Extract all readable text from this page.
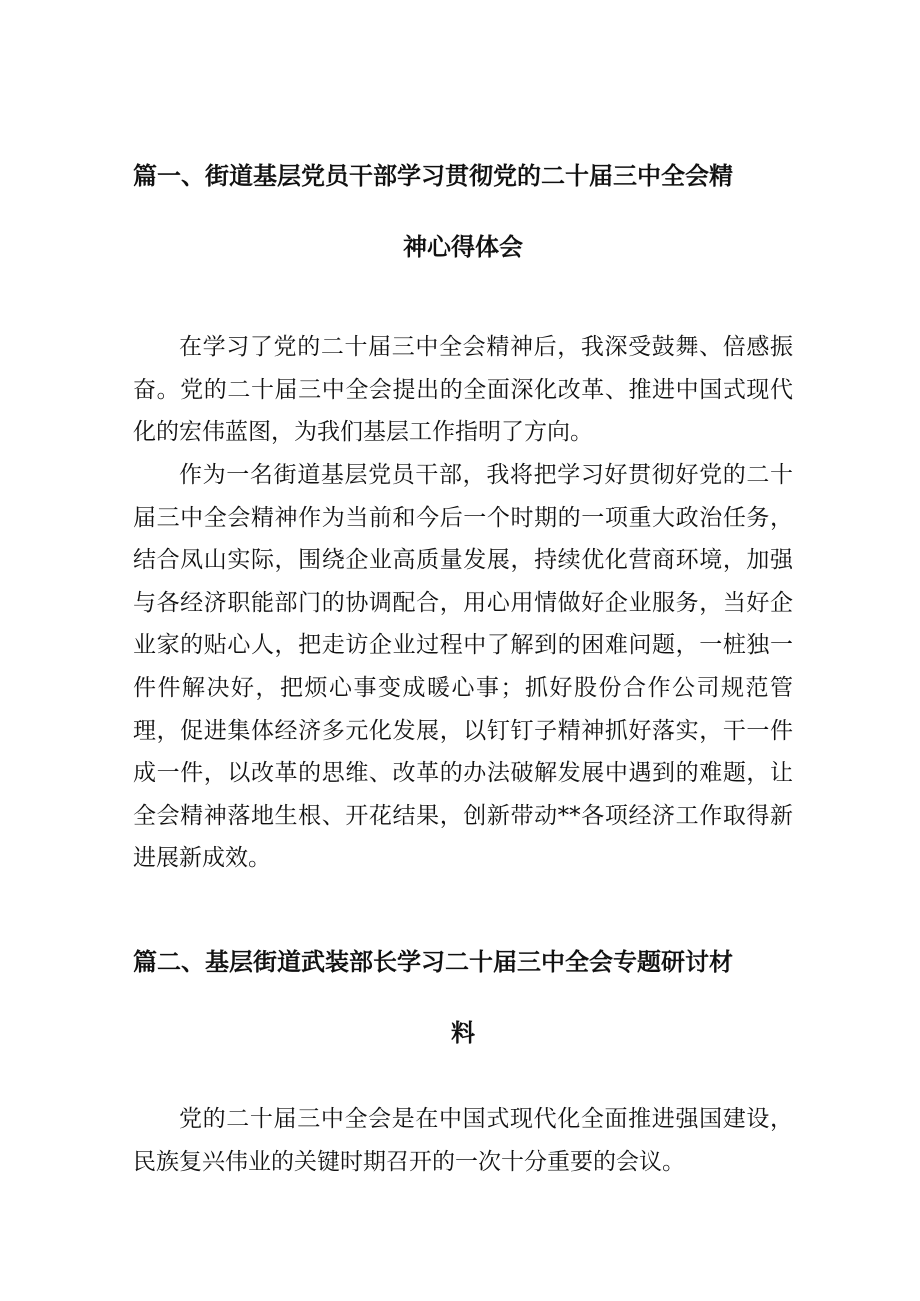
篇一、街道基层党员干部学习贯彻党的二十届三中全会精
神心得体会

在学习了党的二十届三中全会精神后，我深受鼓舞、倍感振奋。党的二十届三中全会提出的全面深化改革、推进中国式现代化的宏伟蓝图，为我们基层工作指明了方向。

作为一名街道基层党员干部，我将把学习好贯彻好党的二十届三中全会精神作为当前和今后一个时期的一项重大政治任务，结合凤山实际，围绕企业高质量发展，持续优化营商环境，加强与各经济职能部门的协调配合，用心用情做好企业服务，当好企业家的贴心人，把走访企业过程中了解到的困难问题，一桩独一件件解决好，把烦心事变成暖心事；抓好股份合作公司规范管理，促进集体经济多元化发展，以钉钉子精神抓好落实，干一件成一件，以改革的思维、改革的办法破解发展中遇到的难题，让全会精神落地生根、开花结果，创新带动**各项经济工作取得新进展新成效。

篇二、基层街道武装部长学习二十届三中全会专题研讨材
料

党的二十届三中全会是在中国式现代化全面推进强国建设，民族复兴伟业的关键时期召开的一次十分重要的会议。
